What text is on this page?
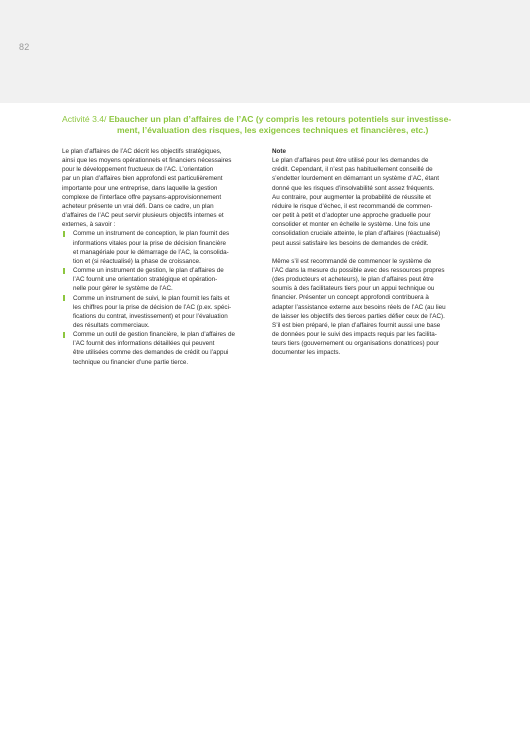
82
Activité 3.4/ Ebaucher un plan d’affaires de l’AC (y compris les retours potentiels sur investisse-
ment, l’évaluation des risques, les exigences techniques et financières, etc.)
Le plan d’affaires de l’AC décrit les objectifs stratégiques,
ainsi que les moyens opérationnels et financiers nécessaires
pour le développement fructueux de l’AC. L’orientation
par un plan d’affaires bien approfondi est particulièrement
importante pour une entreprise, dans laquelle la gestion
complexe de l’interface offre paysans-approvisionnement
acheteur présente un vrai défi. Dans ce cadre, un plan
d’affaires de l’AC peut servir plusieurs objectifs internes et
externes, à savoir :
Comme un instrument de conception, le plan fournit des
informations vitales pour la prise de décision financière
et managériale pour le démarrage de l’AC, la consolida-
tion et (si réactualisé) la phase de croissance.
Comme un instrument de gestion, le plan d’affaires de
l’AC fournit une orientation stratégique et opération-
nelle pour gérer le système de l’AC.
Comme un instrument de suivi, le plan fournit les faits et
les chiffres pour la prise de décision de l’AC (p.ex. spéci-
fications du contrat, investissement) et pour l’évaluation
des résultats commerciaux.
Comme un outil de gestion financière, le plan d’affaires de
l’AC fournit des informations détaillées qui peuvent
être utilisées comme des demandes de crédit ou l’appui
technique ou financier d’une partie tierce.
Note
Le plan d’affaires peut être utilisé pour les demandes de
crédit. Cependant, il n’est pas habituellement conseillé de
s’endetter lourdement en démarrant un système d’AC, étant
donné que les risques d’insolvabilité sont assez fréquents.
Au contraire, pour augmenter la probabilité de réussite et
réduire le risque d’échec, il est recommandé de commen-
cer petit à petit et d’adopter une approche graduelle pour
consolider et monter en échelle le système. Une fois une
consolidation cruciale atteinte, le plan d’affaires (réactualisé)
peut aussi satisfaire les besoins de demandes de crédit.
Même s’il est recommandé de commencer le système de
l’AC dans la mesure du possible avec des ressources propres
(des producteurs et acheteurs), le plan d’affaires peut être
soumis à des facilitateurs tiers pour un appui technique ou
financier. Présenter un concept approfondi contribuera à
adapter l’assistance externe aux besoins réels de l’AC (au lieu
de laisser les objectifs des tierces parties défier ceux de l’AC).
S’il est bien préparé, le plan d’affaires fournit aussi une base
de données pour le suivi des impacts requis par les facilita-
teurs tiers (gouvernement ou organisations donatrices) pour
documenter les impacts.
